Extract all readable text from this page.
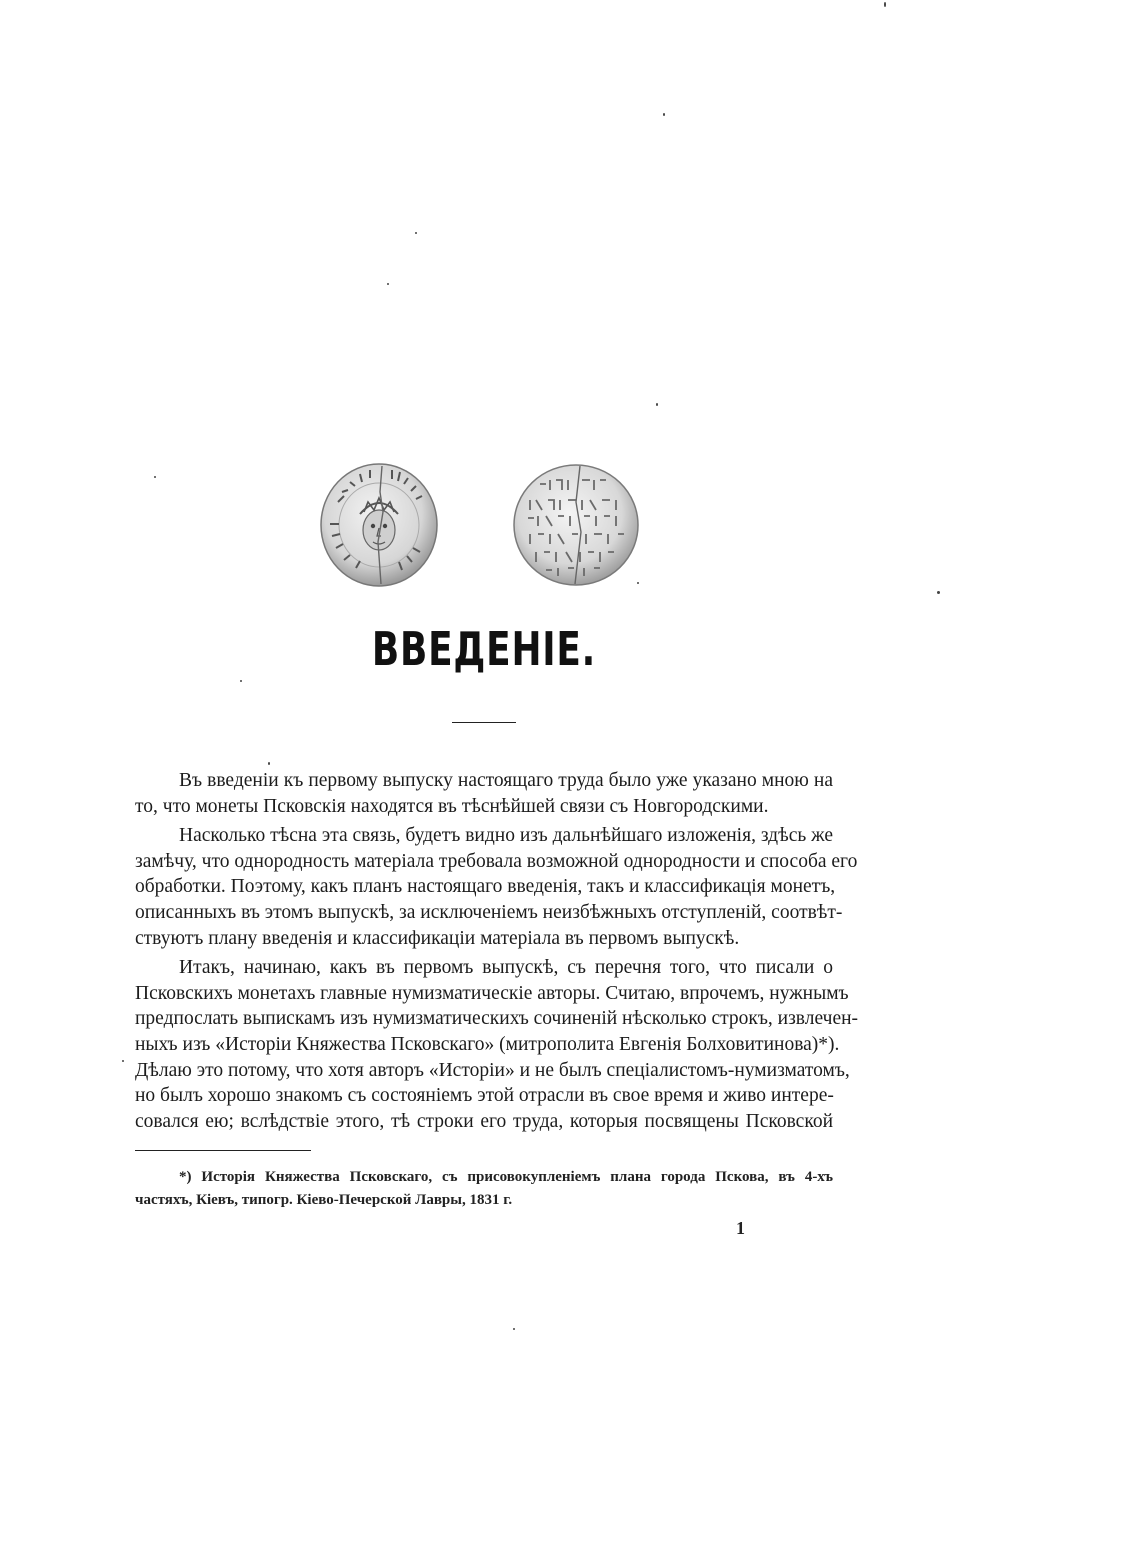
ВВЕДЕНІЕ.
Въ введеніи къ первому выпуску настоящаго труда было уже указано мною на
то, что монеты Псковскія находятся въ тѣснѣйшей связи съ Новгородскими.
Насколько тѣсна эта связь, будетъ видно изъ дальнѣйшаго изложенія, здѣсь же
замѣчу, что однородность матеріала требовала возможной однородности и способа его
обработки. Поэтому, какъ планъ настоящаго введенія, такъ и классификація монетъ,
описанныхъ въ этомъ выпускѣ, за исключеніемъ неизбѣжныхъ отступленій, соотвѣт-
ствуютъ плану введенія и классификаціи матеріала въ первомъ выпускѣ.
Итакъ, начинаю, какъ въ первомъ выпускѣ, съ перечня того, что писали о
Псковскихъ монетахъ главные нумизматическіе авторы. Считаю, впрочемъ, нужнымъ
предпослать выпискамъ изъ нумизматическихъ сочиненій нѣсколько строкъ, извлечен-
ныхъ изъ «Исторіи Княжества Псковскаго» (митрополита Евгенія Болховитинова)*).
Дѣлаю это потому, что хотя авторъ «Исторіи» и не былъ спеціалистомъ-нумизматомъ,
но былъ хорошо знакомъ съ состояніемъ этой отрасли въ свое время и живо интере-
совался ею; вслѣдствіе этого, тѣ строки его труда, которыя посвящены Псковской
*) Исторія Княжества Псковскаго, съ присовокупленіемъ плана города Пскова, въ 4-хъ
частяхъ, Кіевъ, типогр. Кіево-Печерской Лавры, 1831 г.
1
